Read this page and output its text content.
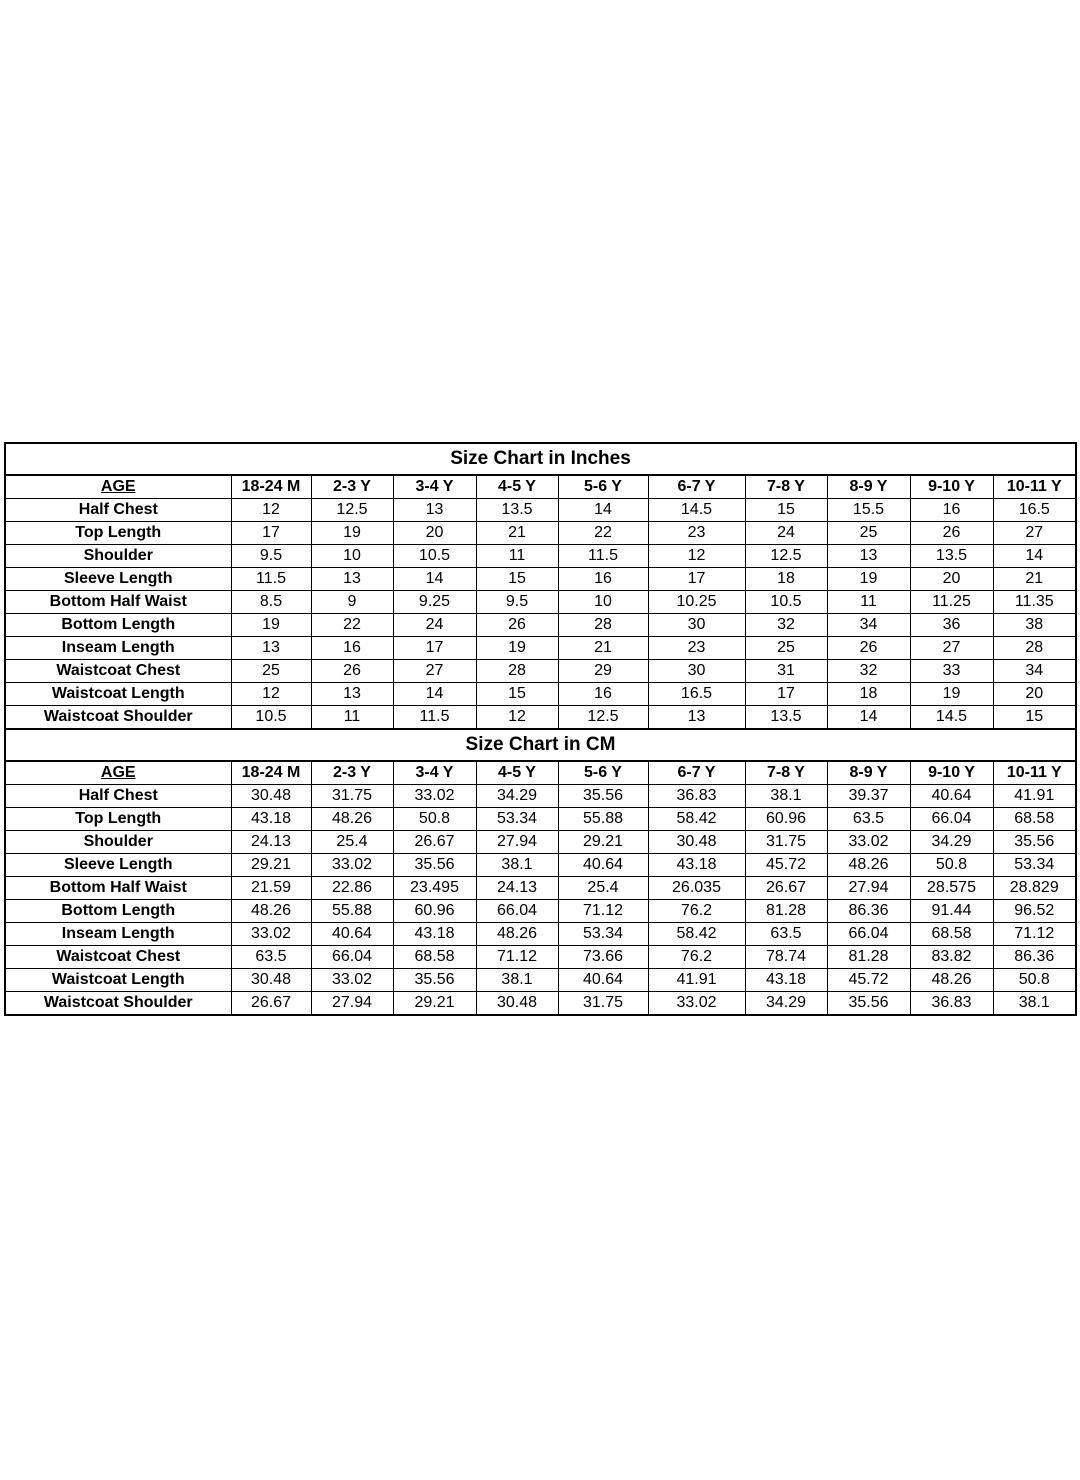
Size Chart in Inches										
AGE	18-24 M	2-3 Y	3-4 Y	4-5 Y	5-6 Y	6-7 Y	7-8 Y	8-9 Y	9-10 Y	10-11 Y
Half Chest	12	12.5	13	13.5	14	14.5	15	15.5	16	16.5
Top Length	17	19	20	21	22	23	24	25	26	27
Shoulder	9.5	10	10.5	11	11.5	12	12.5	13	13.5	14
Sleeve Length	11.5	13	14	15	16	17	18	19	20	21
Bottom Half Waist	8.5	9	9.25	9.5	10	10.25	10.5	11	11.25	11.35
Bottom Length	19	22	24	26	28	30	32	34	36	38
Inseam Length	13	16	17	19	21	23	25	26	27	28
Waistcoat Chest	25	26	27	28	29	30	31	32	33	34
Waistcoat Length	12	13	14	15	16	16.5	17	18	19	20
Waistcoat Shoulder	10.5	11	11.5	12	12.5	13	13.5	14	14.5	15
Size Chart in CM										
AGE	18-24 M	2-3 Y	3-4 Y	4-5 Y	5-6 Y	6-7 Y	7-8 Y	8-9 Y	9-10 Y	10-11 Y
Half Chest	30.48	31.75	33.02	34.29	35.56	36.83	38.1	39.37	40.64	41.91
Top Length	43.18	48.26	50.8	53.34	55.88	58.42	60.96	63.5	66.04	68.58
Shoulder	24.13	25.4	26.67	27.94	29.21	30.48	31.75	33.02	34.29	35.56
Sleeve Length	29.21	33.02	35.56	38.1	40.64	43.18	45.72	48.26	50.8	53.34
Bottom Half Waist	21.59	22.86	23.495	24.13	25.4	26.035	26.67	27.94	28.575	28.829
Bottom Length	48.26	55.88	60.96	66.04	71.12	76.2	81.28	86.36	91.44	96.52
Inseam Length	33.02	40.64	43.18	48.26	53.34	58.42	63.5	66.04	68.58	71.12
Waistcoat Chest	63.5	66.04	68.58	71.12	73.66	76.2	78.74	81.28	83.82	86.36
Waistcoat Length	30.48	33.02	35.56	38.1	40.64	41.91	43.18	45.72	48.26	50.8
Waistcoat Shoulder	26.67	27.94	29.21	30.48	31.75	33.02	34.29	35.56	36.83	38.1
